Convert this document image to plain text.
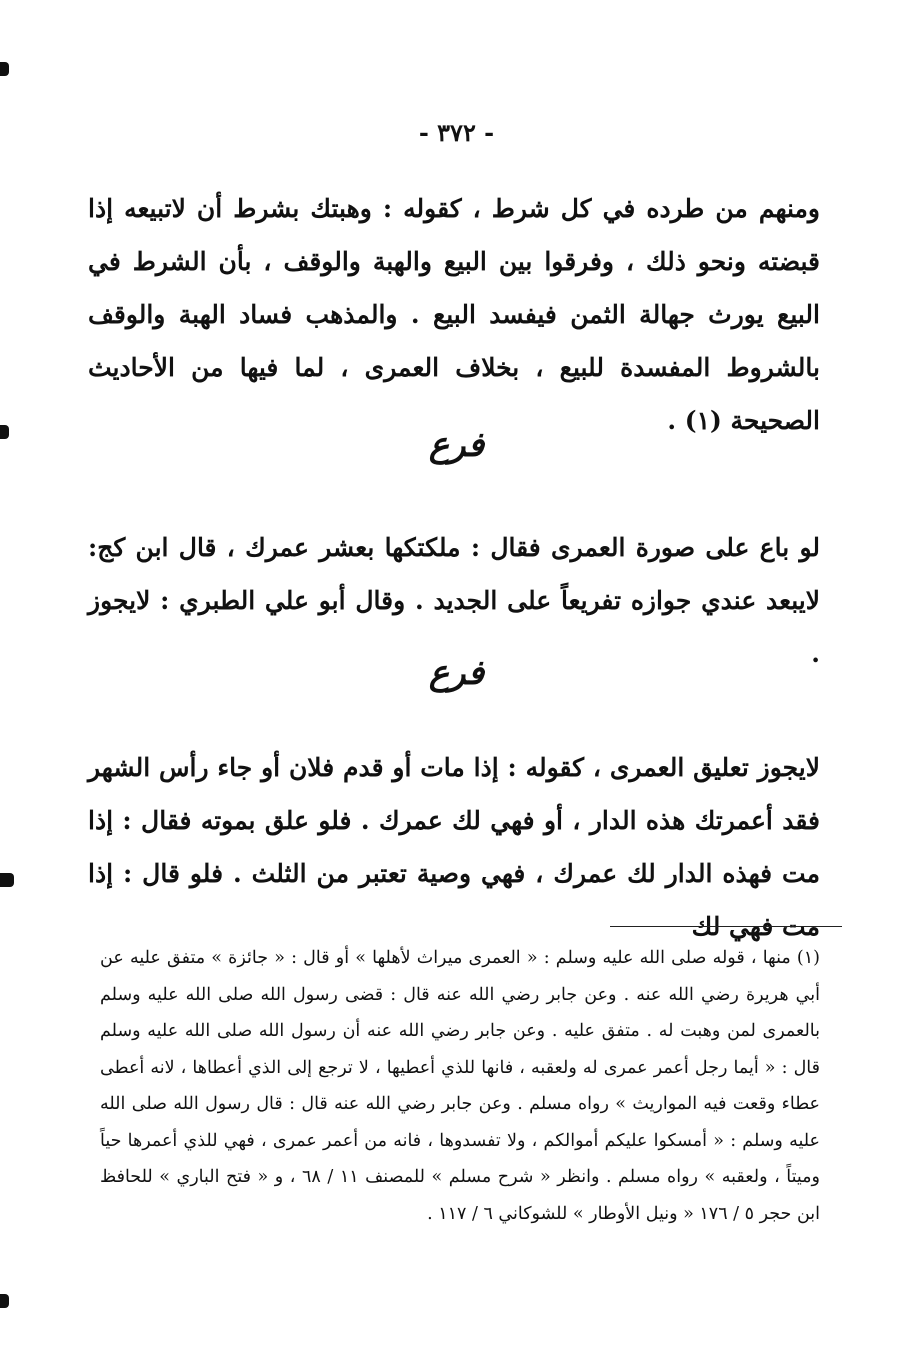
- ٣٧٢ -

ومنهم من طرده في كل شرط ، كقوله : وهبتك بشرط أن لاتبيعه إذا قبضته ونحو ذلك ، وفرقوا بين البيع والهبة والوقف ، بأن الشرط في البيع يورث جهالة الثمن فيفسد البيع . والمذهب فساد الهبة والوقف بالشروط المفسدة للبيع ، بخلاف العمرى ، لما فيها من الأحاديث الصحيحة (١) .

فرع

لو باع على صورة العمرى فقال : ملكتكها بعشر عمرك ، قال ابن كج: لايبعد عندي جوازه تفريعاً على الجديد . وقال أبو علي الطبري : لايجوز .

فرع

لايجوز تعليق العمرى ، كقوله : إذا مات أو قدم فلان أو جاء رأس الشهر فقد أعمرتك هذه الدار ، أو فهي لك عمرك . فلو علق بموته فقال : إذا مت فهذه الدار لك عمرك ، فهي وصية تعتبر من الثلث . فلو قال : إذا مت فهي لك

(١) منها ، قوله صلى الله عليه وسلم : « العمرى ميراث لأهلها » أو قال : « جائزة » متفق عليه عن أبي هريرة رضي الله عنه . وعن جابر رضي الله عنه قال : قضى رسول الله صلى الله عليه وسلم بالعمرى لمن وهبت له . متفق عليه . وعن جابر رضي الله عنه أن رسول الله صلى الله عليه وسلم قال : « أيما رجل أعمر عمرى له ولعقبه ، فانها للذي أعطيها ، لا ترجع إلى الذي أعطاها ، لانه أعطى عطاء وقعت فيه المواريث » رواه مسلم . وعن جابر رضي الله عنه قال : قال رسول الله صلى الله عليه وسلم : « أمسكوا عليكم أموالكم ، ولا تفسدوها ، فانه من أعمر عمرى ، فهي للذي أعمرها حياً وميتاً ، ولعقبه » رواه مسلم . وانظر « شرح مسلم » للمصنف ١١ / ٦٨ ، و « فتح الباري » للحافظ ابن حجر ٥ / ١٧٦ « ونيل الأوطار » للشوكاني ٦ / ١١٧ .
